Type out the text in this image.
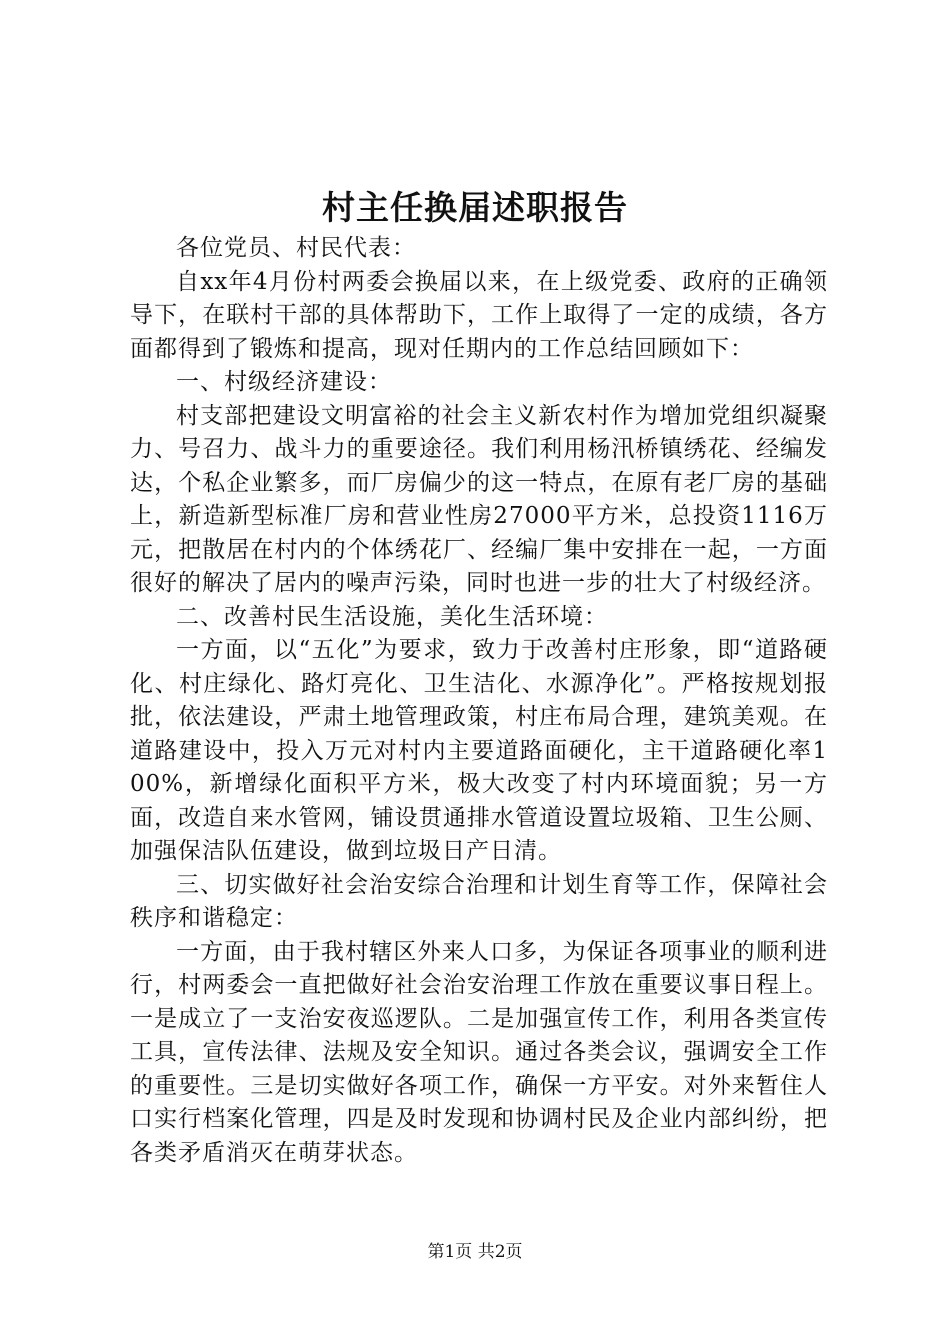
村主任换届述职报告

各位党员、村民代表：

自xx年4月份村两委会换届以来，在上级党委、政府的正确领导下，在联村干部的具体帮助下，工作上取得了一定的成绩，各方面都得到了锻炼和提高，现对任期内的工作总结回顾如下：

一、村级经济建设：

村支部把建设文明富裕的社会主义新农村作为增加党组织凝聚力、号召力、战斗力的重要途径。我们利用杨汛桥镇绣花、经编发达，个私企业繁多，而厂房偏少的这一特点，在原有老厂房的基础上，新造新型标准厂房和营业性房27000平方米，总投资1116万元，把散居在村内的个体绣花厂、经编厂集中安排在一起，一方面很好的解决了居内的噪声污染，同时也进一步的壮大了村级经济。

二、改善村民生活设施，美化生活环境：

一方面，以“五化”为要求，致力于改善村庄形象，即“道路硬化、村庄绿化、路灯亮化、卫生洁化、水源净化”。严格按规划报批，依法建设，严肃土地管理政策，村庄布局合理，建筑美观。在道路建设中，投入万元对村内主要道路面硬化，主干道路硬化率100%，新增绿化面积平方米，极大改变了村内环境面貌；另一方面，改造自来水管网，铺设贯通排水管道设置垃圾箱、卫生公厕、加强保洁队伍建设，做到垃圾日产日清。

三、切实做好社会治安综合治理和计划生育等工作，保障社会秩序和谐稳定：

一方面，由于我村辖区外来人口多，为保证各项事业的顺利进行，村两委会一直把做好社会治安治理工作放在重要议事日程上。一是成立了一支治安夜巡逻队。二是加强宣传工作，利用各类宣传工具，宣传法律、法规及安全知识。通过各类会议，强调安全工作的重要性。三是切实做好各项工作，确保一方平安。对外来暂住人口实行档案化管理，四是及时发现和协调村民及企业内部纠纷，把各类矛盾消灭在萌芽状态。

第1页 共2页
